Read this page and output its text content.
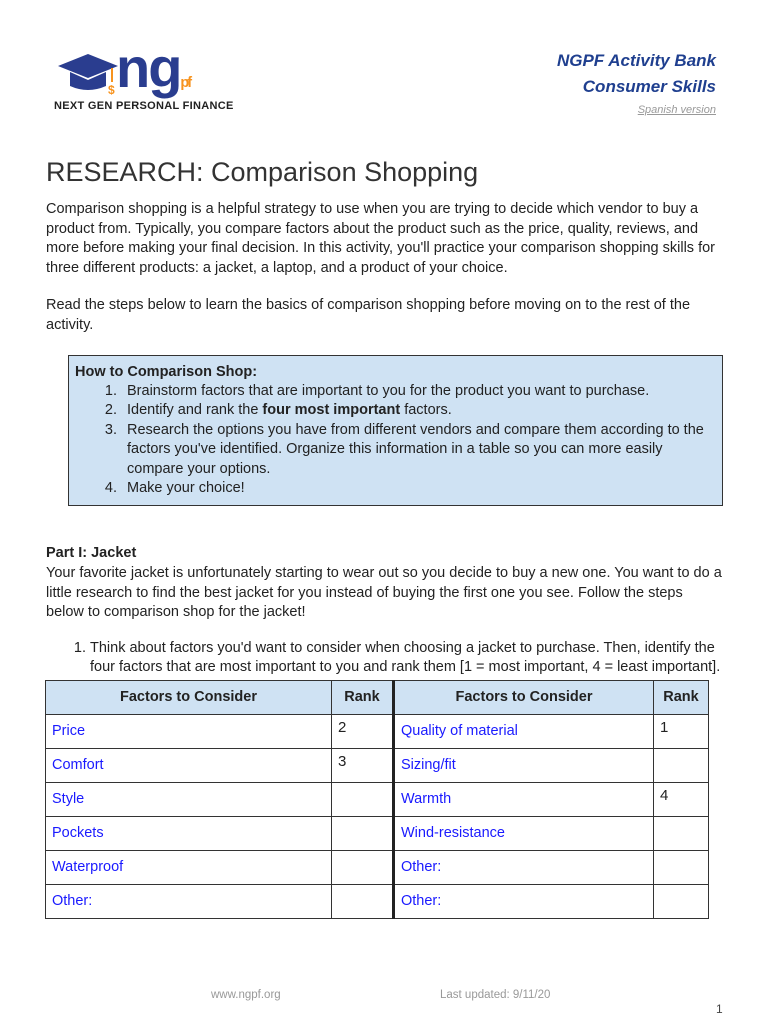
$ ngpf
NEXT GEN PERSONAL FINANCE
NGPF Activity Bank
Consumer Skills
Spanish version
RESEARCH: Comparison Shopping

Comparison shopping is a helpful strategy to use when you are trying to decide which vendor to buy a product from. Typically, you compare factors about the product such as the price, quality, reviews, and more before making your final decision. In this activity, you'll practice your comparison shopping skills for three different products: a jacket, a laptop, and a product of your choice.

Read the steps below to learn the basics of comparison shopping before moving on to the rest of the activity.

How to Comparison Shop:
1. Brainstorm factors that are important to you for the product you want to purchase.
2. Identify and rank the four most important factors.
3. Research the options you have from different vendors and compare them according to the factors you've identified. Organize this information in a table so you can more easily compare your options.
4. Make your choice!
Part I: Jacket

Your favorite jacket is unfortunately starting to wear out so you decide to buy a new one. You want to do a little research to find the best jacket for you instead of buying the first one you see. Follow the steps below to comparison shop for the jacket!

1. Think about factors you'd want to consider when choosing a jacket to purchase. Then, identify the four factors that are most important to you and rank them [1 = most important, 4 = least important].
Factors to Consider	Rank	Factors to Consider	Rank
Price	2	Quality of material	1
Comfort	3	Sizing/fit	
Style		Warmth	4
Pockets		Wind-resistance	
Waterproof		Other:	
Other:		Other:	
www.ngpf.org	Last updated: 9/11/20
1
